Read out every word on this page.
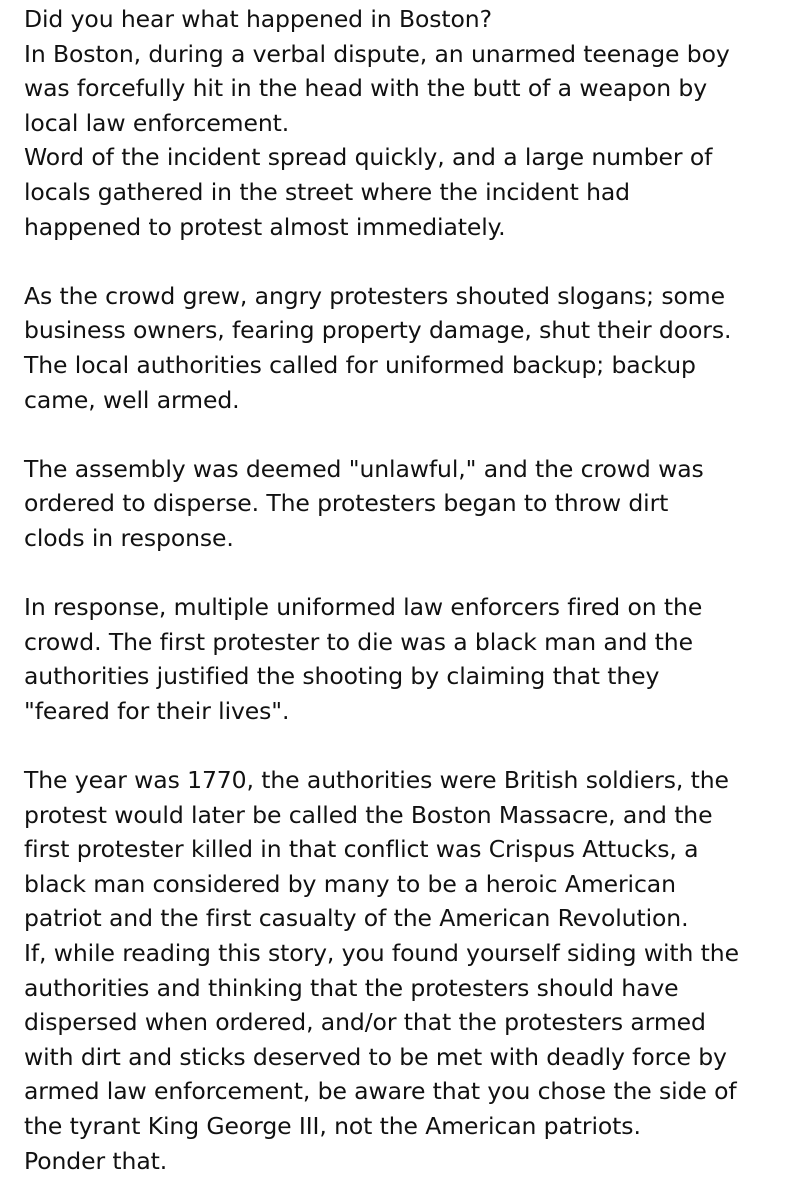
Did you hear what happened in Boston?
In Boston, during a verbal dispute, an unarmed teenage boy
was forcefully hit in the head with the butt of a weapon by
local law enforcement.
Word of the incident spread quickly, and a large number of
locals gathered in the street where the incident had
happened to protest almost immediately.
As the crowd grew, angry protesters shouted slogans; some
business owners, fearing property damage, shut their doors.
The local authorities called for uniformed backup; backup
came, well armed.
The assembly was deemed "unlawful," and the crowd was
ordered to disperse. The protesters began to throw dirt
clods in response.
In response, multiple uniformed law enforcers fired on the
crowd. The first protester to die was a black man and the
authorities justified the shooting by claiming that they
"feared for their lives".
The year was 1770, the authorities were British soldiers, the
protest would later be called the Boston Massacre, and the
first protester killed in that conflict was Crispus Attucks, a
black man considered by many to be a heroic American
patriot and the first casualty of the American Revolution.
If, while reading this story, you found yourself siding with the
authorities and thinking that the protesters should have
dispersed when ordered, and/or that the protesters armed
with dirt and sticks deserved to be met with deadly force by
armed law enforcement, be aware that you chose the side of
the tyrant King George III, not the American patriots.
Ponder that.
